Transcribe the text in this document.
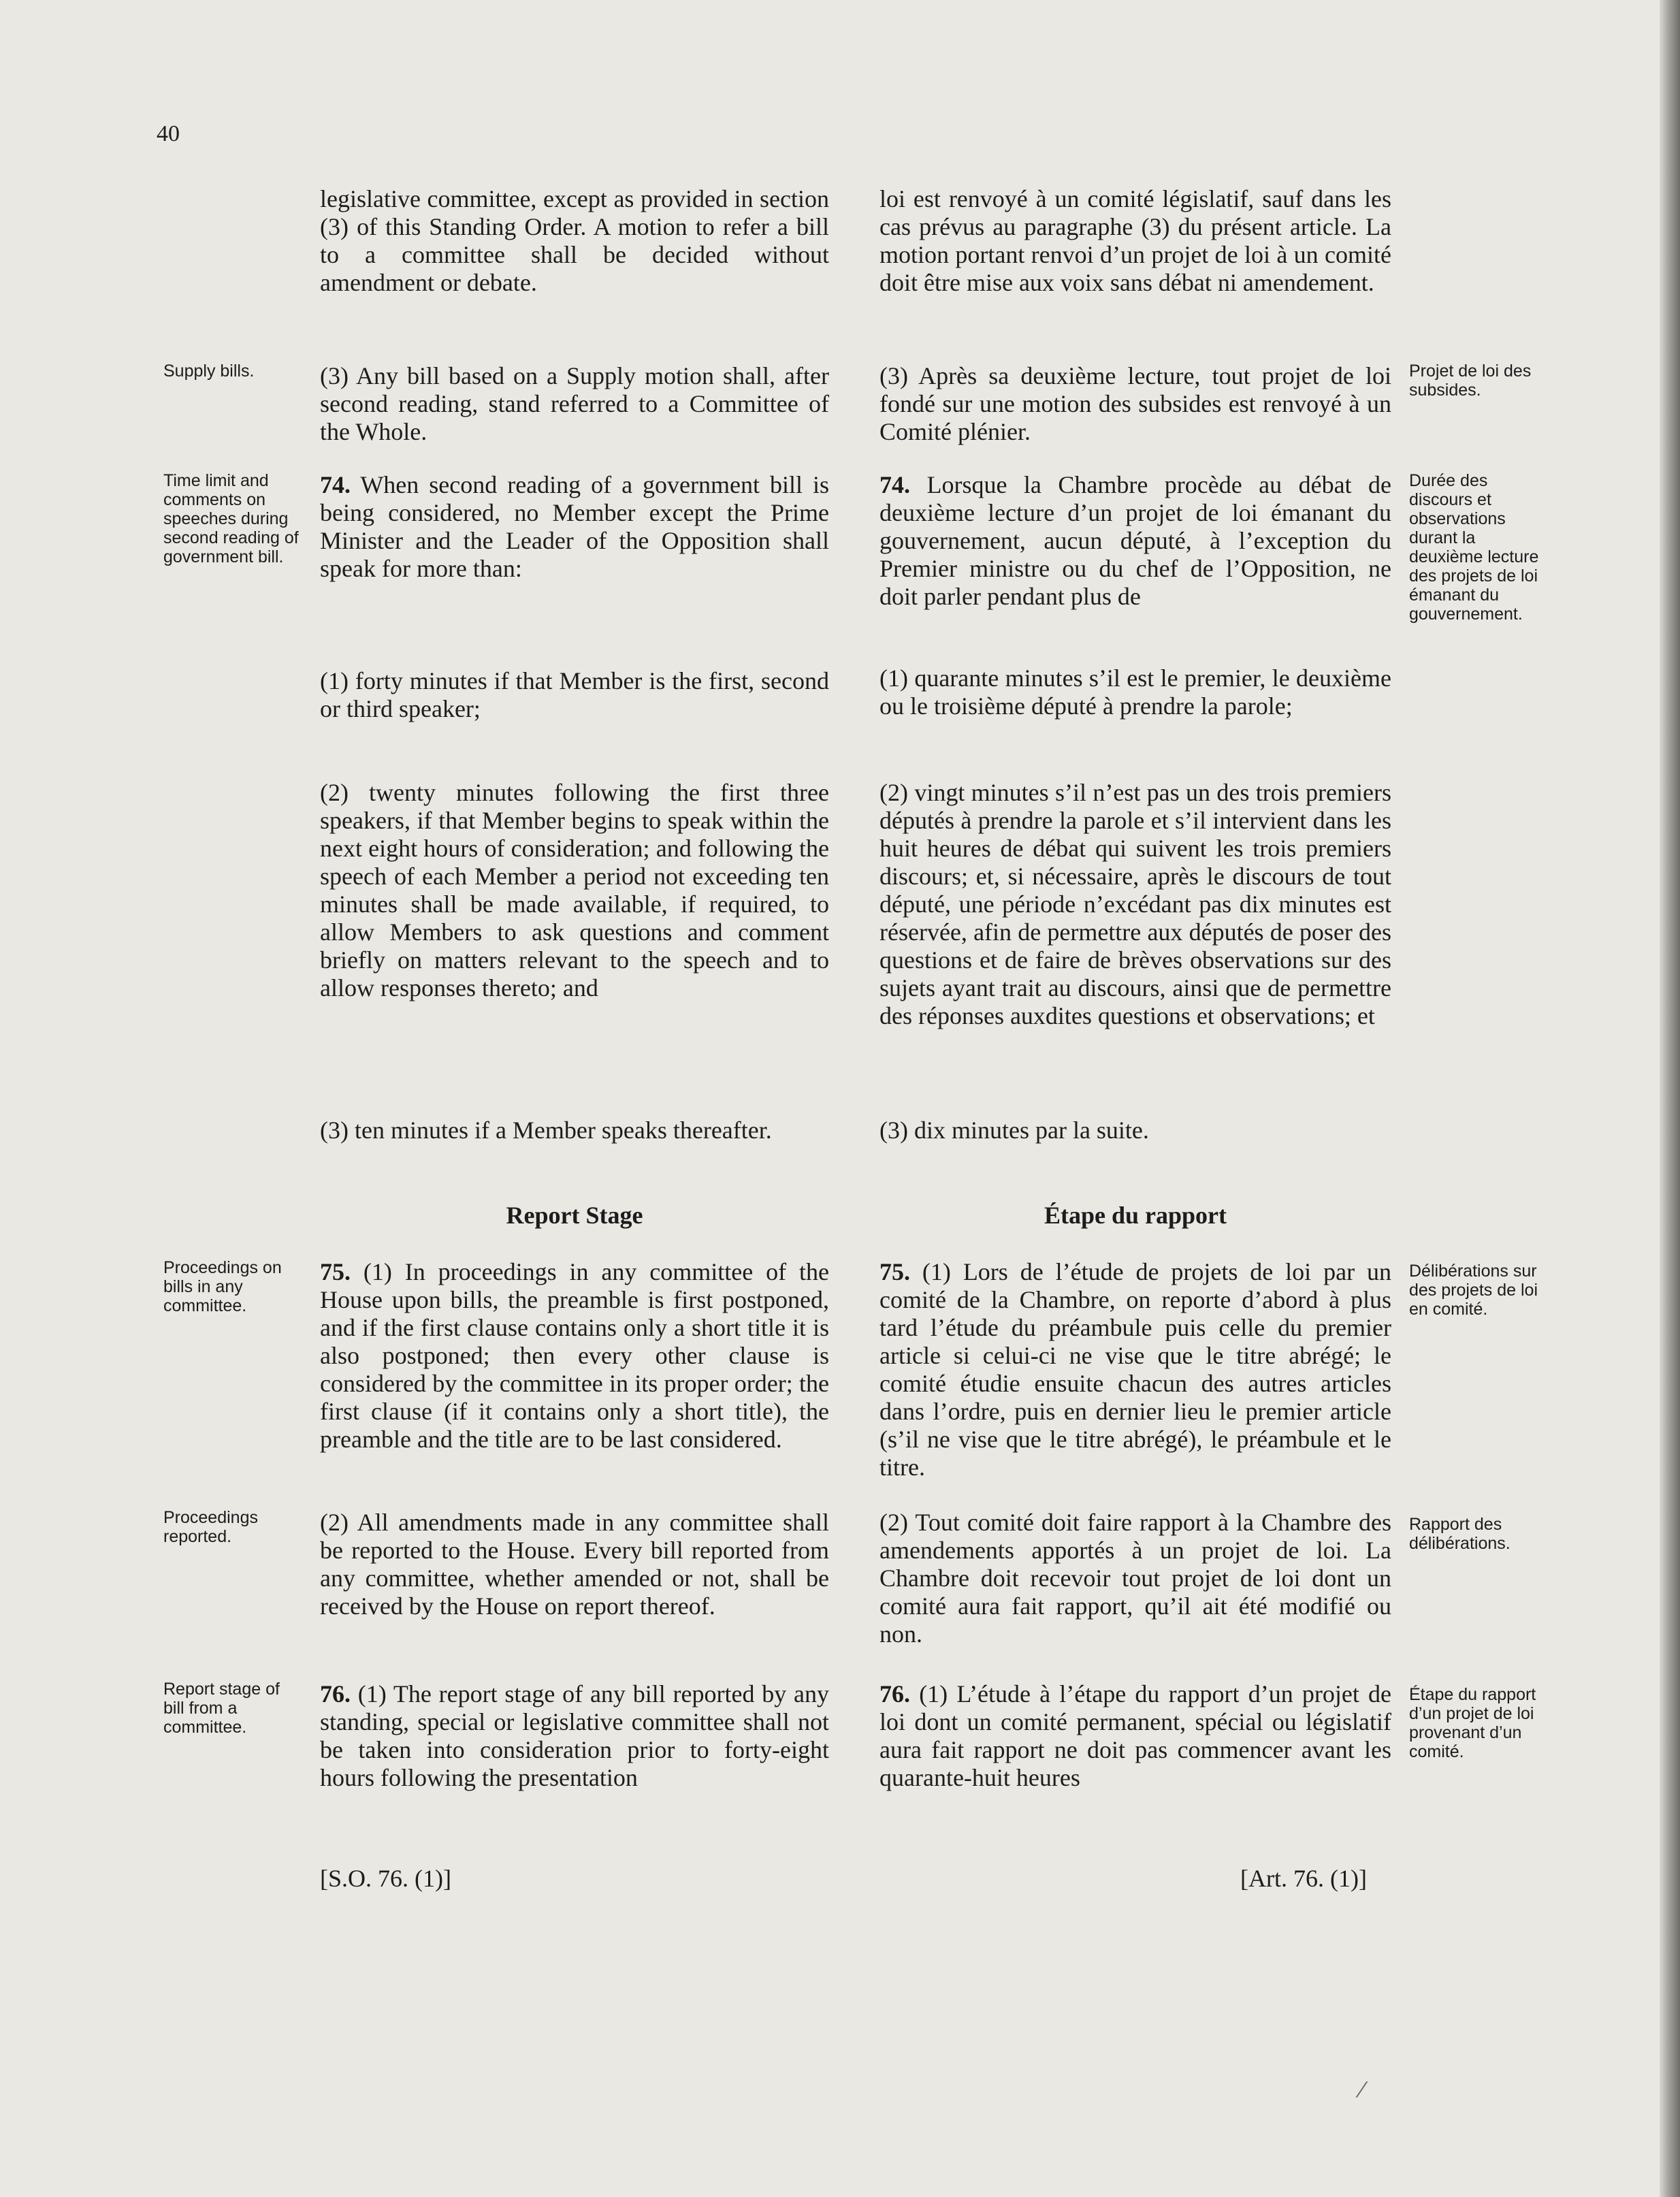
40

Supply bills.

Time limit and comments on speeches during second reading of government bill.

Proceedings on bills in any committee.

Proceedings reported.

Report stage of bill from a committee.

Projet de loi des subsides.

Durée des discours et observations durant la deuxième lecture des projets de loi émanant du gouvernement.

Délibérations sur des projets de loi en comité.

Rapport des délibérations.

Étape du rapport d’un projet de loi provenant d’un comité.

legislative committee, except as provided in section (3) of this Standing Order. A motion to refer a bill to a committee shall be decided without amendment or debate.

(3) Any bill based on a Supply motion shall, after second reading, stand referred to a Committee of the Whole.

74. When second reading of a government bill is being considered, no Member except the Prime Minister and the Leader of the Opposition shall speak for more than:

(1) forty minutes if that Member is the first, second or third speaker;

(2) twenty minutes following the first three speakers, if that Member begins to speak within the next eight hours of consideration; and following the speech of each Member a period not exceeding ten minutes shall be made available, if required, to allow Members to ask questions and comment briefly on matters relevant to the speech and to allow responses thereto; and

(3) ten minutes if a Member speaks thereafter.

Report Stage

75. (1) In proceedings in any committee of the House upon bills, the preamble is first postponed, and if the first clause contains only a short title it is also postponed; then every other clause is considered by the committee in its proper order; the first clause (if it contains only a short title), the preamble and the title are to be last considered.

(2) All amendments made in any committee shall be reported to the House. Every bill reported from any committee, whether amended or not, shall be received by the House on report thereof.

76. (1) The report stage of any bill reported by any standing, special or legislative committee shall not be taken into consideration prior to forty-eight hours following the presentation

loi est renvoyé à un comité législatif, sauf dans les cas prévus au paragraphe (3) du présent article. La motion portant renvoi d’un projet de loi à un comité doit être mise aux voix sans débat ni amendement.

(3) Après sa deuxième lecture, tout projet de loi fondé sur une motion des subsides est renvoyé à un Comité plénier.

74. Lorsque la Chambre procède au débat de deuxième lecture d’un projet de loi émanant du gouvernement, aucun député, à l’exception du Premier ministre ou du chef de l’Opposition, ne doit parler pendant plus de

(1) quarante minutes s’il est le premier, le deuxième ou le troisième député à prendre la parole;

(2) vingt minutes s’il n’est pas un des trois premiers députés à prendre la parole et s’il intervient dans les huit heures de débat qui suivent les trois premiers discours; et, si nécessaire, après le discours de tout député, une période n’excédant pas dix minutes est réservée, afin de permettre aux députés de poser des questions et de faire de brèves observations sur des sujets ayant trait au discours, ainsi que de permettre des réponses auxdites questions et observations; et

(3) dix minutes par la suite.

Étape du rapport

75. (1) Lors de l’étude de projets de loi par un comité de la Chambre, on reporte d’abord à plus tard l’étude du préambule puis celle du premier article si celui-ci ne vise que le titre abrégé; le comité étudie ensuite chacun des autres articles dans l’ordre, puis en dernier lieu le premier article (s’il ne vise que le titre abrégé), le préambule et le titre.

(2) Tout comité doit faire rapport à la Chambre des amendements apportés à un projet de loi. La Chambre doit recevoir tout projet de loi dont un comité aura fait rapport, qu’il ait été modifié ou non.

76. (1) L’étude à l’étape du rapport d’un projet de loi dont un comité permanent, spécial ou législatif aura fait rapport ne doit pas commencer avant les quarante-huit heures

[S.O. 76. (1)]	[Art. 76. (1)]
/
